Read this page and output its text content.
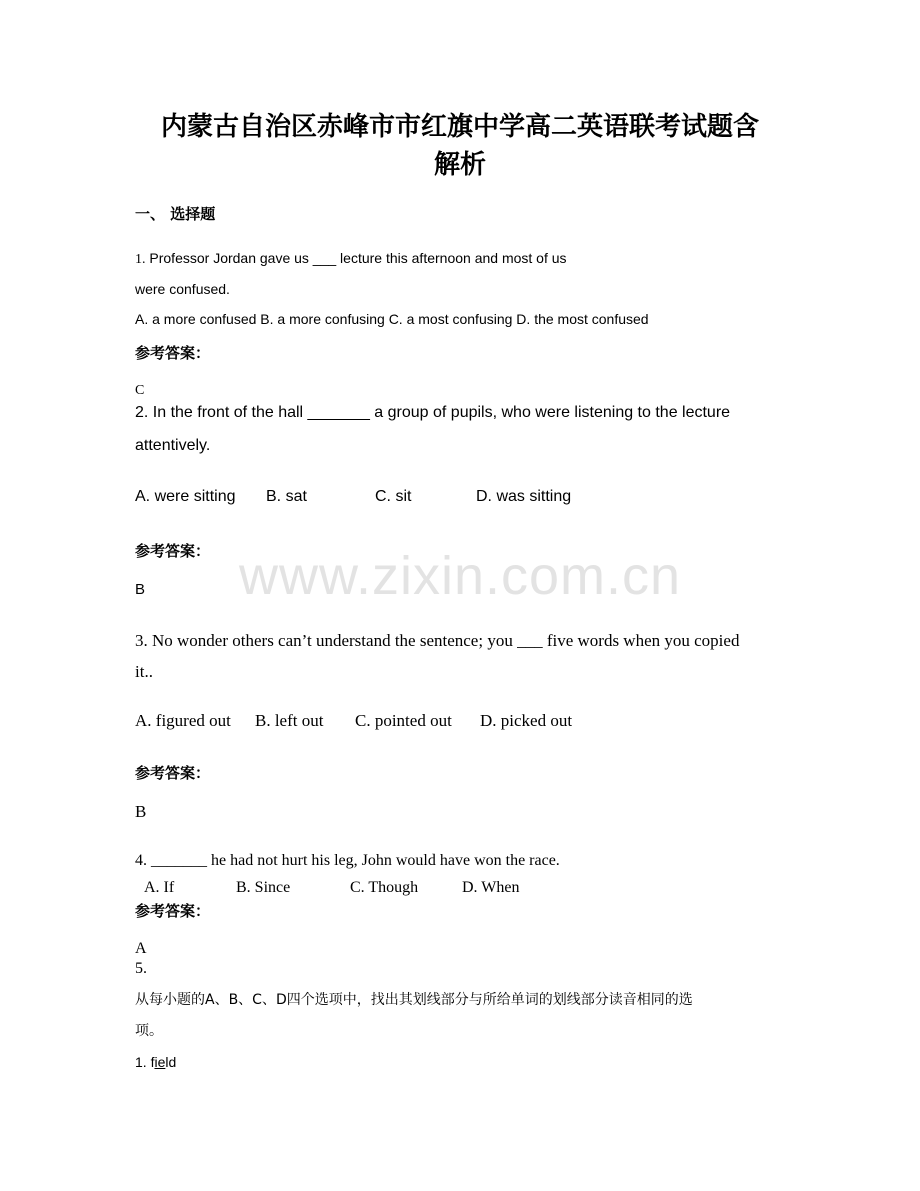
www.zixin.com.cn
内蒙古自治区赤峰市市红旗中学高二英语联考试题含
解析
一、 选择题
1. Professor Jordan gave us ___ lecture this afternoon and most of us
were confused.
A. a more confused B. a more confusing C. a most confusing D. the most confused
参考答案：
C
2. In the front of the hall _______ a group of pupils, who were listening to the lecture
attentively.
A. were sitting B. sat	C. sit	D. was sitting
参考答案：
B
3. No wonder others can’t understand the sentence; you ___ five words when you copied
it..
A. figured out B. left out C. pointed out D. picked out
参考答案：
B
4. _______ he had not hurt his leg, John would have won the race.
A. If	B. Since	C. Though	D. When
参考答案：
A
5.
从每小题的A、B、C、D四个选项中，找出其划线部分与所给单词的划线部分读音相同的选
项。
1. field
